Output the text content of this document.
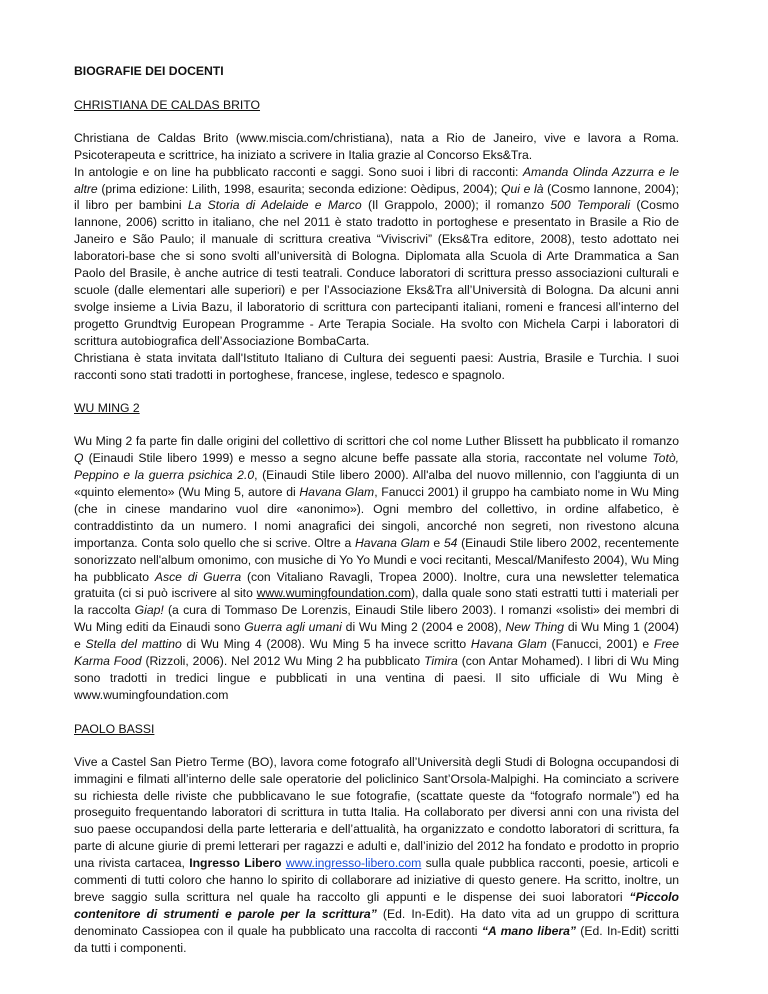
BIOGRAFIE DEI DOCENTI
CHRISTIANA DE CALDAS BRITO

Christiana de Caldas Brito (www.miscia.com/christiana), nata a Rio de Janeiro, vive e lavora a Roma. Psicoterapeuta e scrittrice, ha iniziato a scrivere in Italia grazie al Concorso Eks&Tra.

In antologie e on line ha pubblicato racconti e saggi. Sono suoi i libri di racconti: Amanda Olinda Azzurra e le altre (prima edizione: Lilith, 1998, esaurita; seconda edizione: Oèdipus, 2004); Qui e là (Cosmo Iannone, 2004); il libro per bambini La Storia di Adelaide e Marco (Il Grappolo, 2000); il romanzo 500 Temporali (Cosmo Iannone, 2006) scritto in italiano, che nel 2011 è stato tradotto in portoghese e presentato in Brasile a Rio de Janeiro e São Paulo; il manuale di scrittura creativa “Viviscrivi” (Eks&Tra editore, 2008), testo adottato nei laboratori-base che si sono svolti all’università di Bologna. Diplomata alla Scuola di Arte Drammatica a San Paolo del Brasile, è anche autrice di testi teatrali. Conduce laboratori di scrittura presso associazioni culturali e scuole (dalle elementari alle superiori) e per l’Associazione Eks&Tra all’Università di Bologna. Da alcuni anni svolge insieme a Livia Bazu, il laboratorio di scrittura con partecipanti italiani, romeni e francesi all’interno del progetto Grundtvig European Programme - Arte Terapia Sociale. Ha svolto con Michela Carpi i laboratori di scrittura autobiografica dell’Associazione BombaCarta.

Christiana è stata invitata dall'Istituto Italiano di Cultura dei seguenti paesi: Austria, Brasile e Turchia. I suoi racconti sono stati tradotti in portoghese, francese, inglese, tedesco e spagnolo.

WU MING 2

Wu Ming 2 fa parte fin dalle origini del collettivo di scrittori che col nome Luther Blissett ha pubblicato il romanzo Q (Einaudi Stile libero 1999) e messo a segno alcune beffe passate alla storia, raccontate nel volume Totò, Peppino e la guerra psichica 2.0, (Einaudi Stile libero 2000). All'alba del nuovo millennio, con l'aggiunta di un «quinto elemento» (Wu Ming 5, autore di Havana Glam, Fanucci 2001) il gruppo ha cambiato nome in Wu Ming (che in cinese mandarino vuol dire «anonimo»). Ogni membro del collettivo, in ordine alfabetico, è contraddistinto da un numero. I nomi anagrafici dei singoli, ancorché non segreti, non rivestono alcuna importanza. Conta solo quello che si scrive. Oltre a Havana Glam e 54 (Einaudi Stile libero 2002, recentemente sonorizzato nell'album omonimo, con musiche di Yo Yo Mundi e voci recitanti, Mescal/Manifesto 2004), Wu Ming ha pubblicato Asce di Guerra (con Vitaliano Ravagli, Tropea 2000). Inoltre, cura una newsletter telematica gratuita (ci si può iscrivere al sito www.wumingfoundation.com), dalla quale sono stati estratti tutti i materiali per la raccolta Giap! (a cura di Tommaso De Lorenzis, Einaudi Stile libero 2003). I romanzi «solisti» dei membri di Wu Ming editi da Einaudi sono Guerra agli umani di Wu Ming 2 (2004 e 2008), New Thing di Wu Ming 1 (2004) e Stella del mattino di Wu Ming 4 (2008). Wu Ming 5 ha invece scritto Havana Glam (Fanucci, 2001) e Free Karma Food (Rizzoli, 2006). Nel 2012 Wu Ming 2 ha pubblicato Timira (con Antar Mohamed). I libri di Wu Ming sono tradotti in tredici lingue e pubblicati in una ventina di paesi. Il sito ufficiale di Wu Ming è www.wumingfoundation.com

PAOLO BASSI

Vive a Castel San Pietro Terme (BO), lavora come fotografo all’Università degli Studi di Bologna occupandosi di immagini e filmati all’interno delle sale operatorie del policlinico Sant’Orsola-Malpighi. Ha cominciato a scrivere su richiesta delle riviste che pubblicavano le sue fotografie, (scattate queste da “fotografo normale”) ed ha proseguito frequentando laboratori di scrittura in tutta Italia. Ha collaborato per diversi anni con una rivista del suo paese occupandosi della parte letteraria e dell’attualità, ha organizzato e condotto laboratori di scrittura, fa parte di alcune giurie di premi letterari per ragazzi e adulti e, dall’inizio del 2012 ha fondato e prodotto in proprio una rivista cartacea, Ingresso Libero www.ingresso-libero.com sulla quale pubblica racconti, poesie, articoli e commenti di tutti coloro che hanno lo spirito di collaborare ad iniziative di questo genere. Ha scritto, inoltre, un breve saggio sulla scrittura nel quale ha raccolto gli appunti e le dispense dei suoi laboratori “Piccolo contenitore di strumenti e parole per la scrittura” (Ed. In-Edit). Ha dato vita ad un gruppo di scrittura denominato Cassiopea con il quale ha pubblicato una raccolta di racconti “A mano libera” (Ed. In-Edit) scritti da tutti i componenti.
